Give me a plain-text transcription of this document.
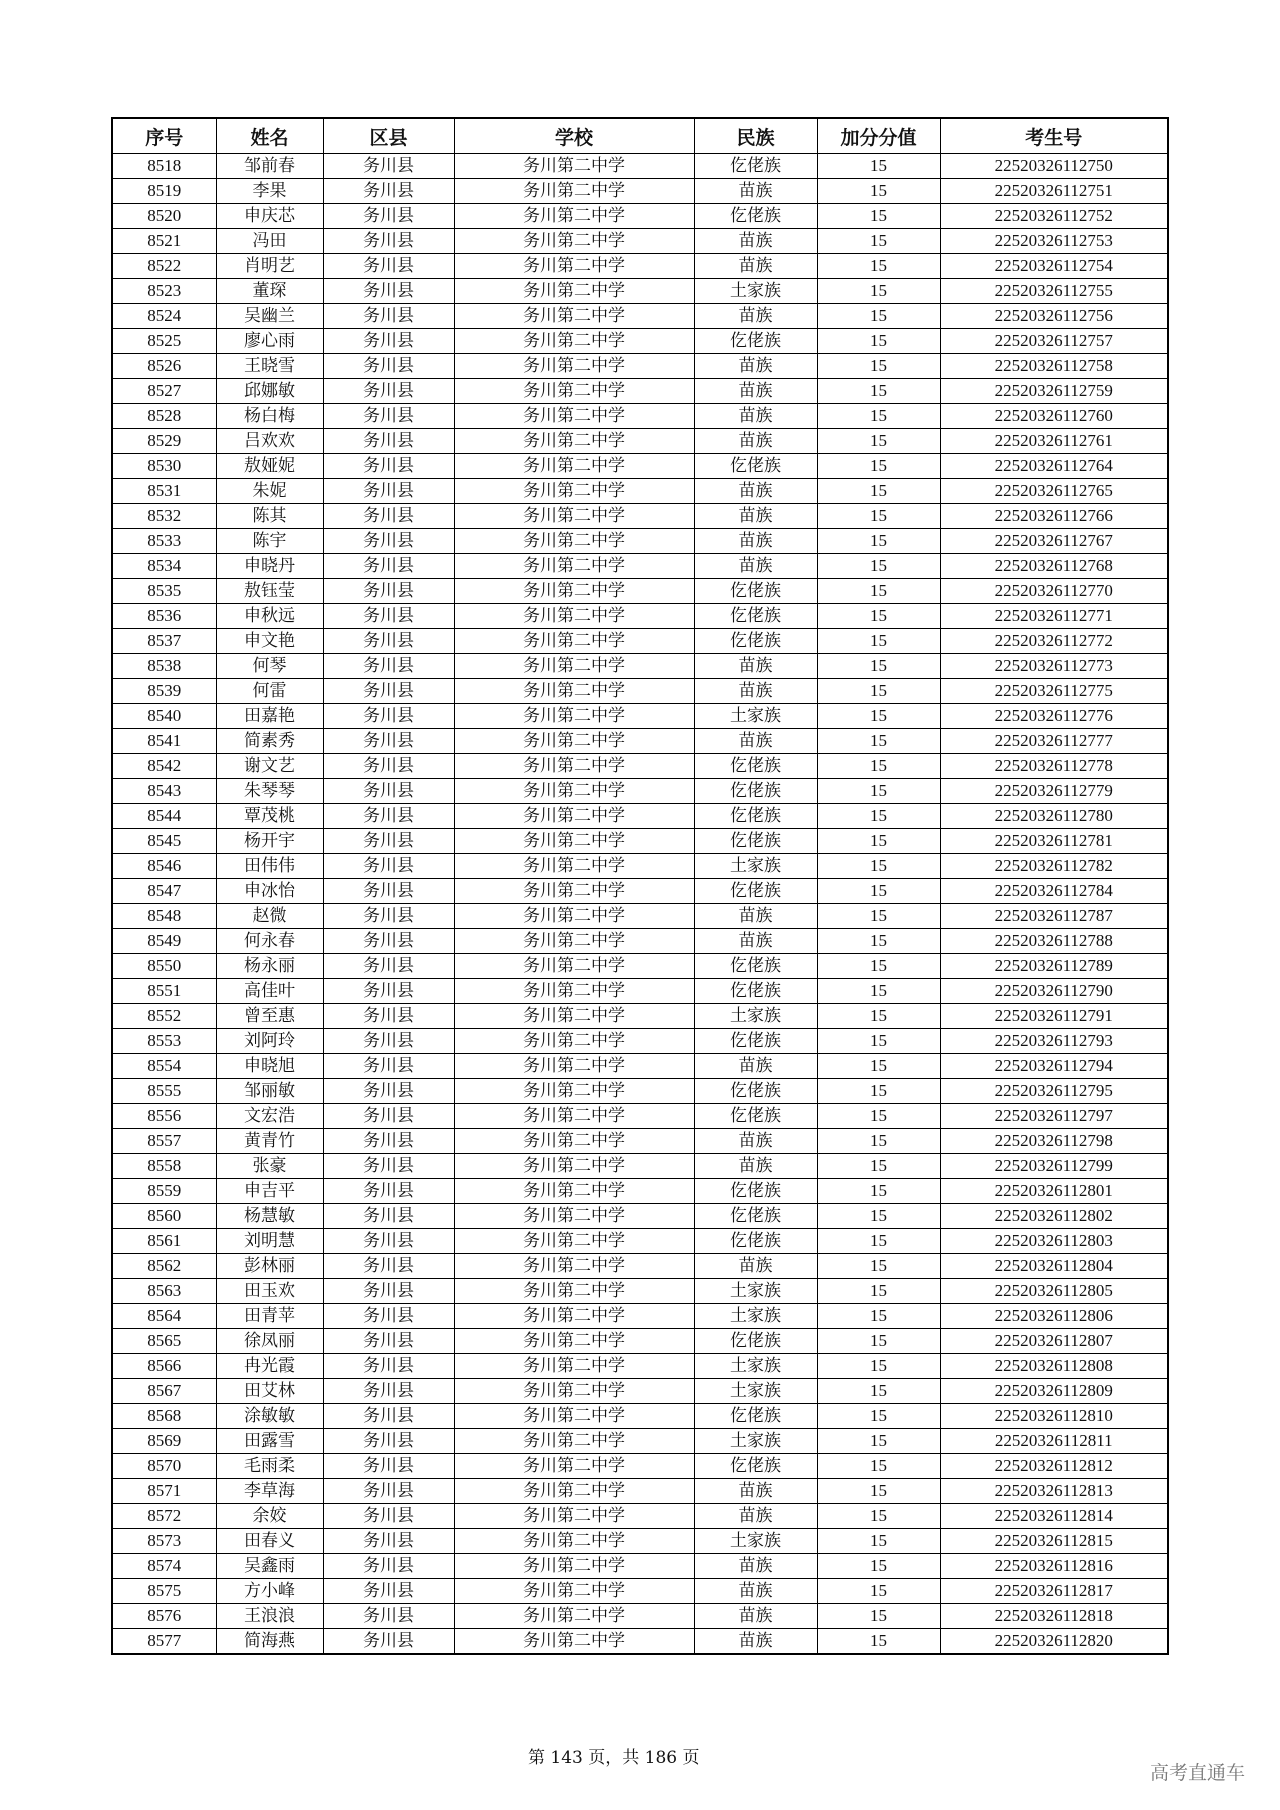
序号	姓名	区县	学校	民族	加分分值	考生号
8518	邹前春	务川县	务川第二中学	仡佬族	15	22520326112750
8519	李果	务川县	务川第二中学	苗族	15	22520326112751
8520	申庆芯	务川县	务川第二中学	仡佬族	15	22520326112752
8521	冯田	务川县	务川第二中学	苗族	15	22520326112753
8522	肖明艺	务川县	务川第二中学	苗族	15	22520326112754
8523	董琛	务川县	务川第二中学	土家族	15	22520326112755
8524	吴幽兰	务川县	务川第二中学	苗族	15	22520326112756
8525	廖心雨	务川县	务川第二中学	仡佬族	15	22520326112757
8526	王晓雪	务川县	务川第二中学	苗族	15	22520326112758
8527	邱娜敏	务川县	务川第二中学	苗族	15	22520326112759
8528	杨白梅	务川县	务川第二中学	苗族	15	22520326112760
8529	吕欢欢	务川县	务川第二中学	苗族	15	22520326112761
8530	敖娅妮	务川县	务川第二中学	仡佬族	15	22520326112764
8531	朱妮	务川县	务川第二中学	苗族	15	22520326112765
8532	陈其	务川县	务川第二中学	苗族	15	22520326112766
8533	陈宇	务川县	务川第二中学	苗族	15	22520326112767
8534	申晓丹	务川县	务川第二中学	苗族	15	22520326112768
8535	敖钰莹	务川县	务川第二中学	仡佬族	15	22520326112770
8536	申秋远	务川县	务川第二中学	仡佬族	15	22520326112771
8537	申文艳	务川县	务川第二中学	仡佬族	15	22520326112772
8538	何琴	务川县	务川第二中学	苗族	15	22520326112773
8539	何雷	务川县	务川第二中学	苗族	15	22520326112775
8540	田嘉艳	务川县	务川第二中学	土家族	15	22520326112776
8541	简素秀	务川县	务川第二中学	苗族	15	22520326112777
8542	谢文艺	务川县	务川第二中学	仡佬族	15	22520326112778
8543	朱琴琴	务川县	务川第二中学	仡佬族	15	22520326112779
8544	覃茂桃	务川县	务川第二中学	仡佬族	15	22520326112780
8545	杨开宇	务川县	务川第二中学	仡佬族	15	22520326112781
8546	田伟伟	务川县	务川第二中学	土家族	15	22520326112782
8547	申冰怡	务川县	务川第二中学	仡佬族	15	22520326112784
8548	赵微	务川县	务川第二中学	苗族	15	22520326112787
8549	何永春	务川县	务川第二中学	苗族	15	22520326112788
8550	杨永丽	务川县	务川第二中学	仡佬族	15	22520326112789
8551	高佳叶	务川县	务川第二中学	仡佬族	15	22520326112790
8552	曾至惠	务川县	务川第二中学	土家族	15	22520326112791
8553	刘阿玲	务川县	务川第二中学	仡佬族	15	22520326112793
8554	申晓旭	务川县	务川第二中学	苗族	15	22520326112794
8555	邹丽敏	务川县	务川第二中学	仡佬族	15	22520326112795
8556	文宏浩	务川县	务川第二中学	仡佬族	15	22520326112797
8557	黄青竹	务川县	务川第二中学	苗族	15	22520326112798
8558	张豪	务川县	务川第二中学	苗族	15	22520326112799
8559	申吉平	务川县	务川第二中学	仡佬族	15	22520326112801
8560	杨慧敏	务川县	务川第二中学	仡佬族	15	22520326112802
8561	刘明慧	务川县	务川第二中学	仡佬族	15	22520326112803
8562	彭林丽	务川县	务川第二中学	苗族	15	22520326112804
8563	田玉欢	务川县	务川第二中学	土家族	15	22520326112805
8564	田青苹	务川县	务川第二中学	土家族	15	22520326112806
8565	徐凤丽	务川县	务川第二中学	仡佬族	15	22520326112807
8566	冉光霞	务川县	务川第二中学	土家族	15	22520326112808
8567	田艾林	务川县	务川第二中学	土家族	15	22520326112809
8568	涂敏敏	务川县	务川第二中学	仡佬族	15	22520326112810
8569	田露雪	务川县	务川第二中学	土家族	15	22520326112811
8570	毛雨柔	务川县	务川第二中学	仡佬族	15	22520326112812
8571	李草海	务川县	务川第二中学	苗族	15	22520326112813
8572	余姣	务川县	务川第二中学	苗族	15	22520326112814
8573	田春义	务川县	务川第二中学	土家族	15	22520326112815
8574	吴鑫雨	务川县	务川第二中学	苗族	15	22520326112816
8575	方小峰	务川县	务川第二中学	苗族	15	22520326112817
8576	王浪浪	务川县	务川第二中学	苗族	15	22520326112818
8577	简海燕	务川县	务川第二中学	苗族	15	22520326112820
第 143 页，共 186 页
高考直通车
